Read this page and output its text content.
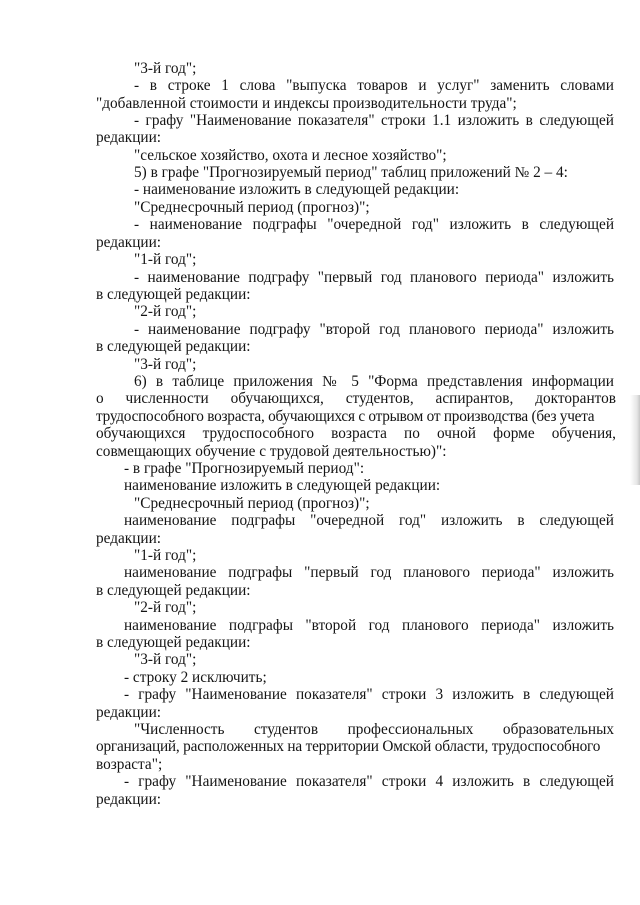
"3-й год";
- в строке 1 слова "выпуска товаров и услуг" заменить словами
"добавленной стоимости и индексы производительности труда";
- графу "Наименование показателя" строки 1.1 изложить в следующей
редакции:
"сельское хозяйство, охота и лесное хозяйство";
5) в графе "Прогнозируемый период" таблиц приложений № 2 – 4:
- наименование изложить в следующей редакции:
"Среднесрочный период (прогноз)";
- наименование подграфы "очередной год" изложить в следующей
редакции:
"1-й год";
- наименование подграфу "первый год планового периода" изложить
в следующей редакции:
"2-й год";
- наименование подграфу "второй год планового периода" изложить
в следующей редакции:
"3-й год";
6) в таблице приложения № 5 "Форма представления информации
о численности обучающихся, студентов, аспирантов, докторантов
трудоспособного возраста, обучающихся с отрывом от производства (без учета
обучающихся трудоспособного возраста по очной форме обучения,
совмещающих обучение с трудовой деятельностью)":
- в графе "Прогнозируемый период":
наименование изложить в следующей редакции:
"Среднесрочный период (прогноз)";
наименование подграфы "очередной год" изложить в следующей
редакции:
"1-й год";
наименование подграфы "первый год планового периода" изложить
в следующей редакции:
"2-й год";
наименование подграфы "второй год планового периода" изложить
в следующей редакции:
"3-й год";
- строку 2 исключить;
- графу "Наименование показателя" строки 3 изложить в следующей
редакции:
"Численность студентов профессиональных образовательных
организаций, расположенных на территории Омской области, трудоспособного
возраста";
- графу "Наименование показателя" строки 4 изложить в следующей
редакции:
